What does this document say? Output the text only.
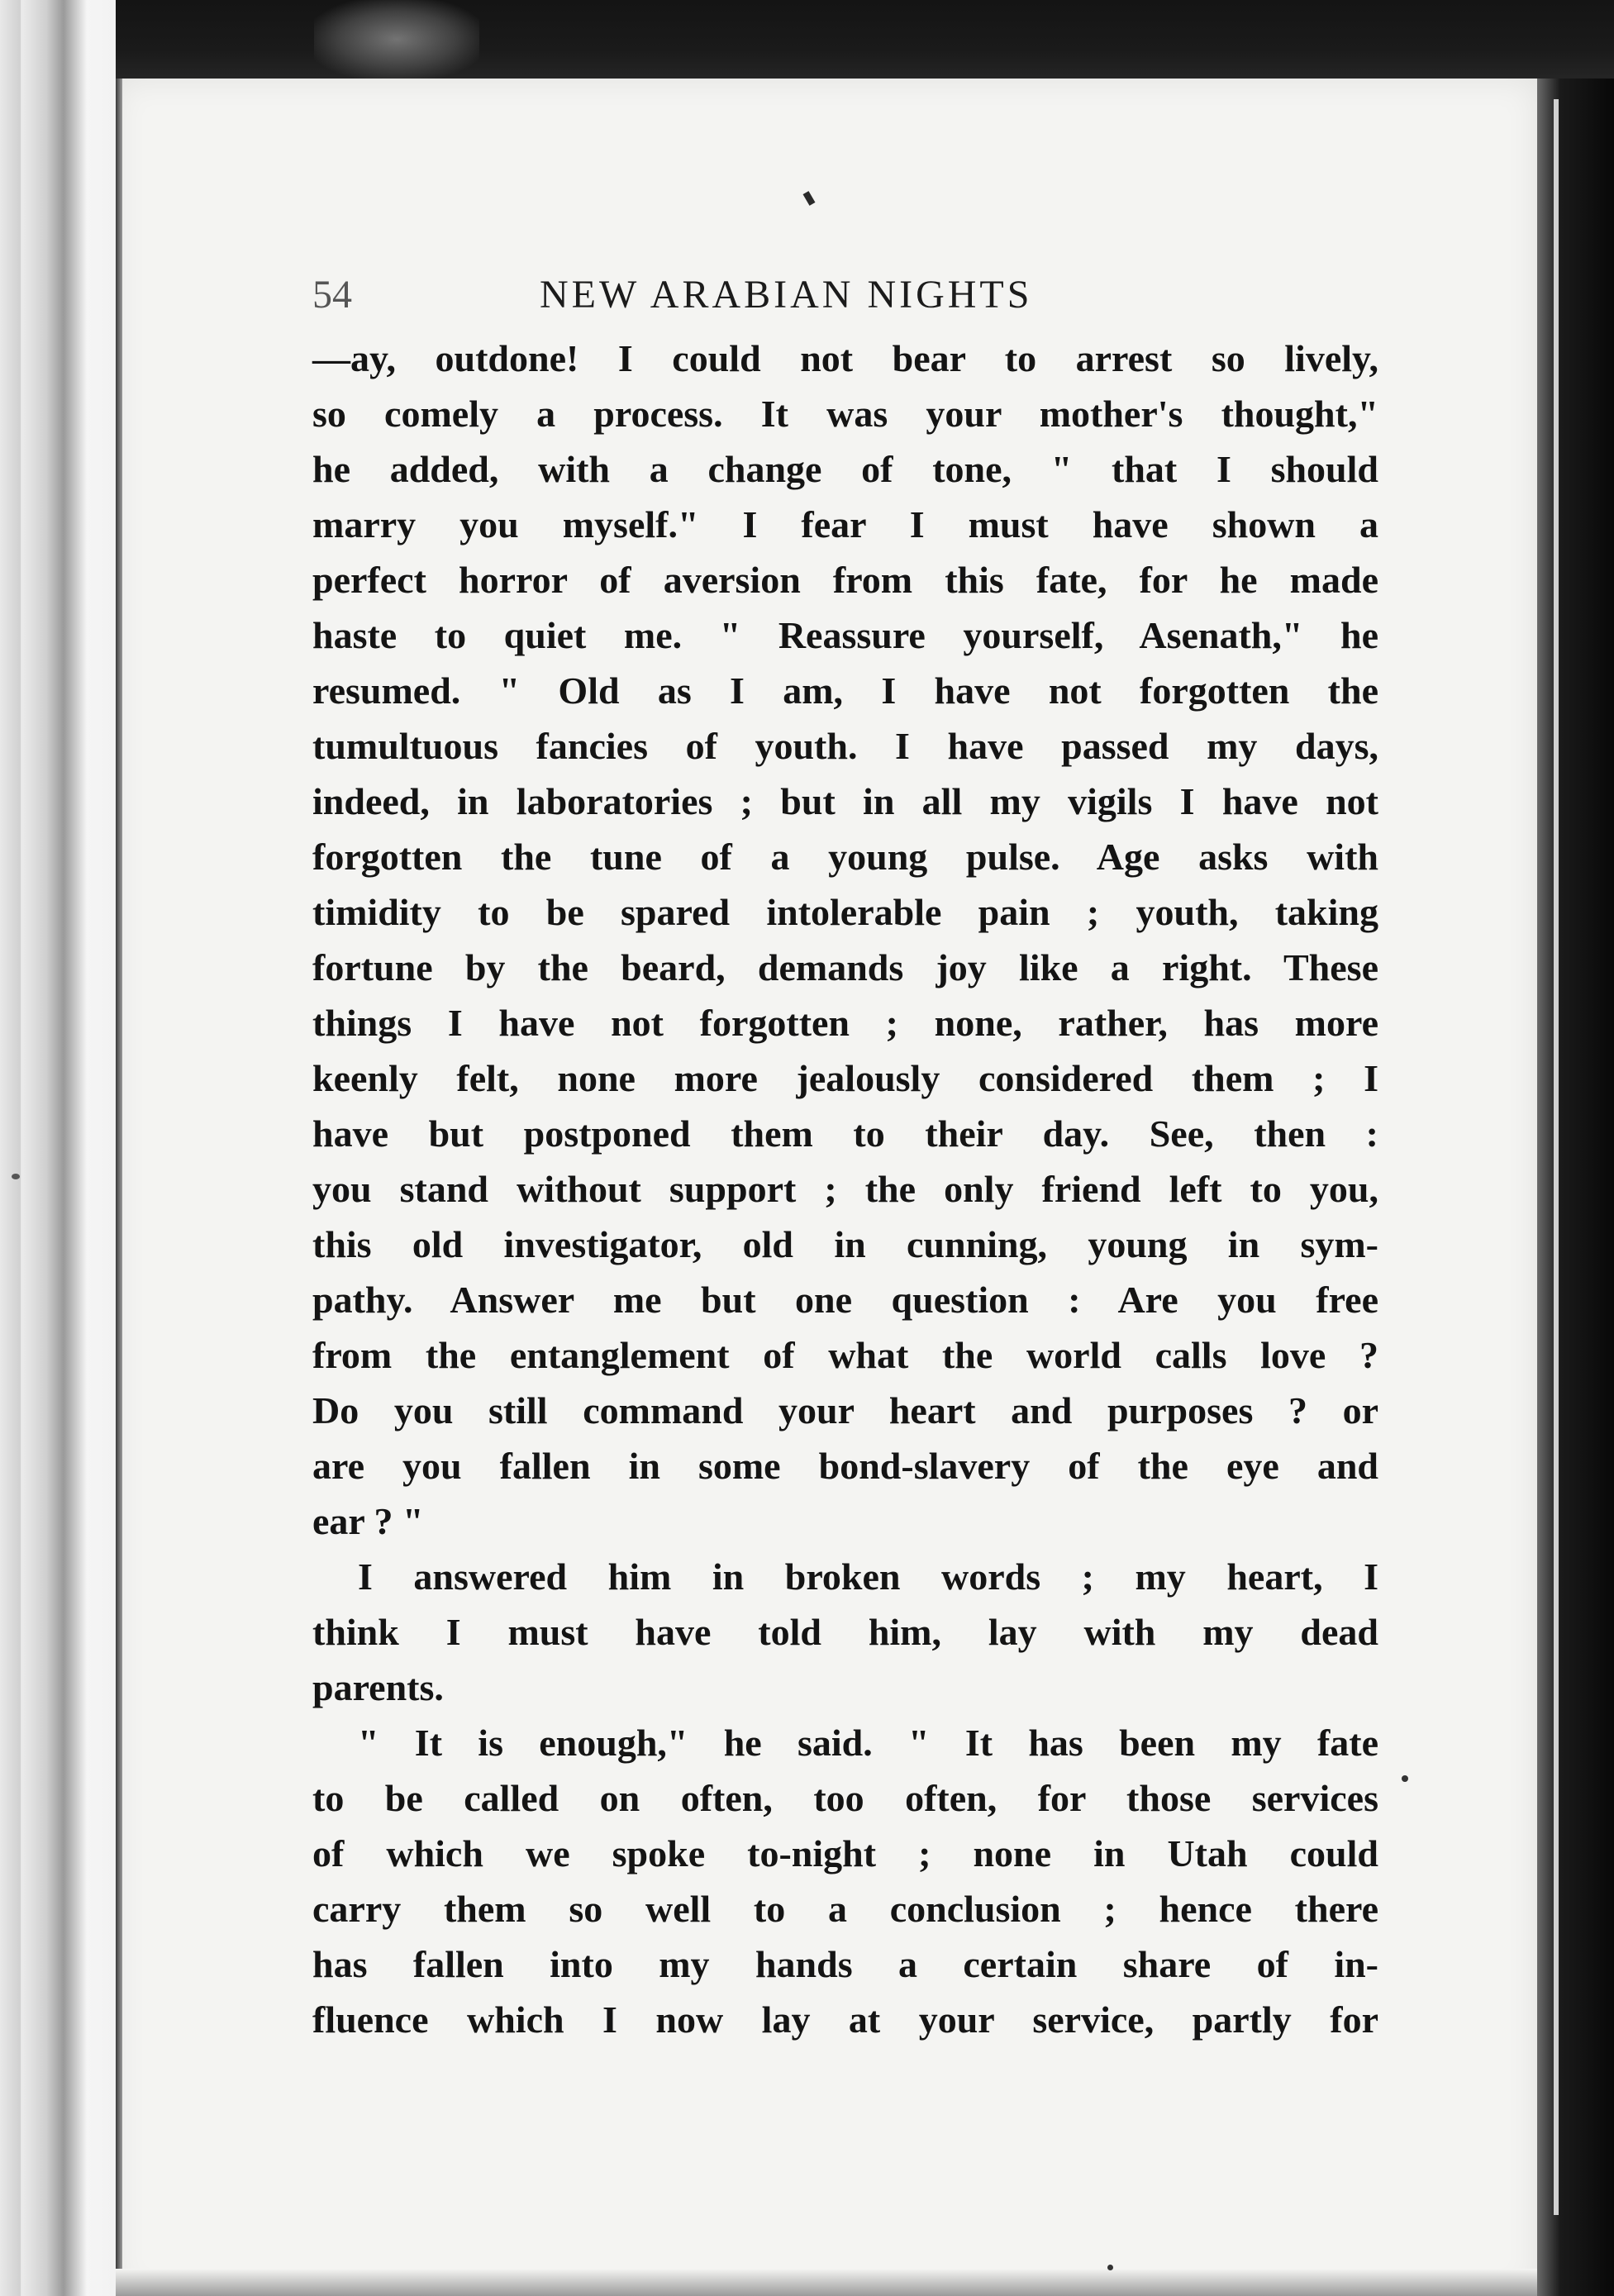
54	NEW ARABIAN NIGHTS
—ay, outdone! I could not bear to arrest so lively,
so comely a process. It was your mother's thought,"
he added, with a change of tone, " that I should
marry you myself." I fear I must have shown a
perfect horror of aversion from this fate, for he made
haste to quiet me. " Reassure yourself, Asenath," he
resumed. " Old as I am, I have not forgotten the
tumultuous fancies of youth. I have passed my days,
indeed, in laboratories ; but in all my vigils I have not
forgotten the tune of a young pulse. Age asks with
timidity to be spared intolerable pain ; youth, taking
fortune by the beard, demands joy like a right. These
things I have not forgotten ; none, rather, has more
keenly felt, none more jealously considered them ; I
have but postponed them to their day. See, then :
you stand without support ; the only friend left to you,
this old investigator, old in cunning, young in sym-
pathy. Answer me but one question : Are you free
from the entanglement of what the world calls love ?
Do you still command your heart and purposes ? or
are you fallen in some bond-slavery of the eye and
ear ? "
I answered him in broken words ; my heart, I
think I must have told him, lay with my dead
parents.
" It is enough," he said. " It has been my fate
to be called on often, too often, for those services
of which we spoke to-night ; none in Utah could
carry them so well to a conclusion ; hence there
has fallen into my hands a certain share of in-
fluence which I now lay at your service, partly for
